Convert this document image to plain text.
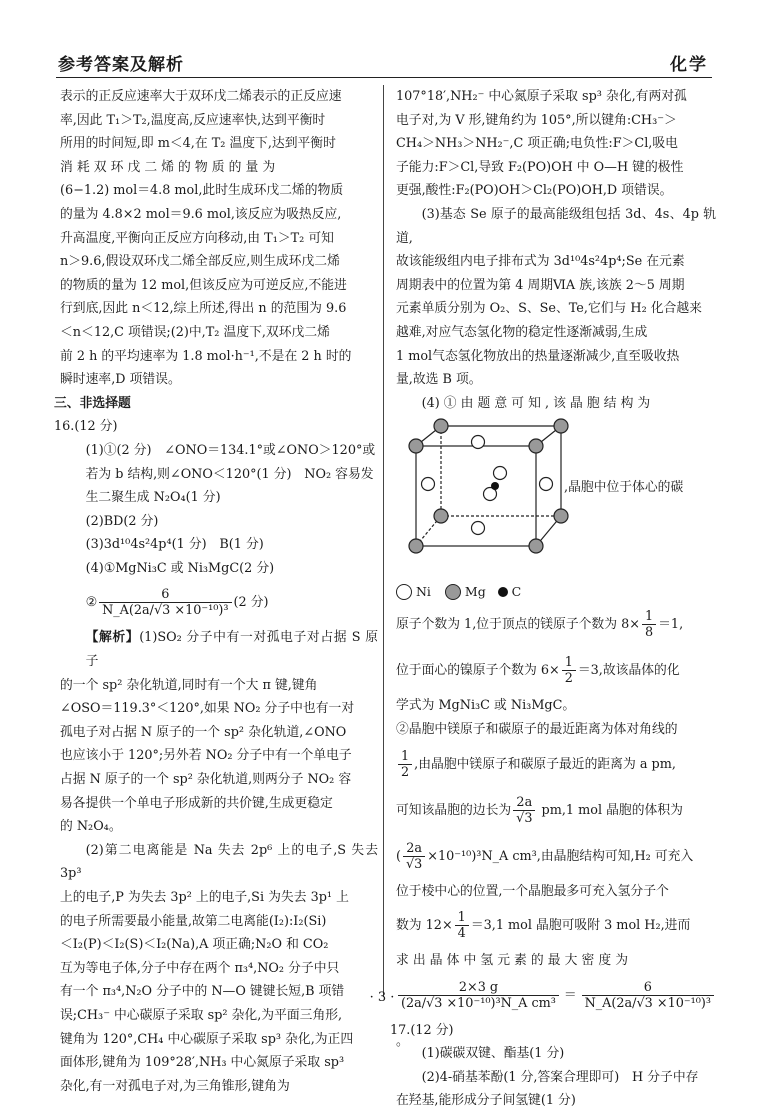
参考答案及解析	化学

表示的正反应速率大于双环戊二烯表示的正反应速

率,因此 T₁＞T₂,温度高,反应速率快,达到平衡时

所用的时间短,即 m＜4,在 T₂ 温度下,达到平衡时

消 耗 双 环 戊 二 烯 的 物 质 的 量 为

(6−1.2) mol＝4.8 mol,此时生成环戊二烯的物质

的量为 4.8×2 mol＝9.6 mol,该反应为吸热反应,

升高温度,平衡向正反应方向移动,由 T₁＞T₂ 可知

n＞9.6,假设双环戊二烯全部反应,则生成环戊二烯

的物质的量为 12 mol,但该反应为可逆反应,不能进

行到底,因此 n＜12,综上所述,得出 n 的范围为 9.6

＜n＜12,C 项错误;(2)中,T₂ 温度下,双环戊二烯

前 2 h 的平均速率为 1.8 mol·h⁻¹,不是在 2 h 时的

瞬时速率,D 项错误。

三、非选择题

16.(12 分)

(1)①(2 分)　∠ONO＝134.1°或∠ONO＞120°或

若为 b 结构,则∠ONO＜120°(1 分)　NO₂ 容易发

生二聚生成 N₂O₄(1 分)

(2)BD(2 分)

(3)3d¹⁰4s²4p⁴(1 分)　B(1 分)

(4)①MgNi₃C 或 Ni₃MgC(2 分)

② $\frac{6}{\text{N\_A(2a/√3 ×10⁻¹⁰)³}} (2$ 分)

【解析】(1)SO₂ 分子中有一对孤电子对占据 S 原子

的一个 sp² 杂化轨道,同时有一个大 π 键,键角

∠OSO＝119.3°＜120°,如果 NO₂ 分子中也有一对

孤电子对占据 N 原子的一个 sp² 杂化轨道,∠ONO

也应该小于 120°;另外若 NO₂ 分子中有一个单电子

占据 N 原子的一个 sp² 杂化轨道,则两分子 NO₂ 容

易各提供一个单电子形成新的共价键,生成更稳定

的 N₂O₄。

(2)第二电离能是 Na 失去 2p⁶ 上的电子,S 失去 3p³

上的电子,P 为失去 3p² 上的电子,Si 为失去 3p¹ 上

的电子所需要最小能量,故第二电离能(I₂):I₂(Si)

＜I₂(P)＜I₂(S)＜I₂(Na),A 项正确;N₂O 和 CO₂

互为等电子体,分子中存在两个 π₃⁴,NO₂ 分子中只

有一个 π₃⁴,N₂O 分子中的 N—O 键键长短,B 项错

误;CH₃⁻ 中心碳原子采取 sp² 杂化,为平面三角形,

键角为 120°,CH₄ 中心碳原子采取 sp³ 杂化,为正四

面体形,键角为 109°28′,NH₃ 中心氮原子采取 sp³

杂化,有一对孤电子对,为三角锥形,键角为

107°18′,NH₂⁻ 中心氮原子采取 sp³ 杂化,有两对孤

电子对,为 V 形,键角约为 105°,所以键角:CH₃⁻＞

CH₄＞NH₃＞NH₂⁻,C 项正确;电负性:F＞Cl,吸电

子能力:F＞Cl,导致 F₂(PO)OH 中 O—H 键的极性

更强,酸性:F₂(PO)OH＞Cl₂(PO)OH,D 项错误。

(3)基态 Se 原子的最高能级组包括 3d、4s、4p 轨道,

故该能级组内电子排布式为 3d¹⁰4s²4p⁴;Se 在元素

周期表中的位置为第 4 周期ⅥA 族,该族 2～5 周期

元素单质分别为 O₂、S、Se、Te,它们与 H₂ 化合越来

越难,对应气态氢化物的稳定性逐渐减弱,生成

1 mol气态氢化物放出的热量逐渐减少,直至吸收热

量,故选 B 项。

(4) ① 由 题 意 可 知 , 该 晶 胞 结 构 为

,晶胞中位于体心的碳
Ni	Mg C
原子个数为 1,位于顶点的镁原子个数为 $8\times \frac{1}{8} =1$,
位于面心的镍原子个数为 $6\times \frac{1}{2} =3$,故该晶体的化

学式为 MgNi₃C 或 Ni₃MgC。

②晶胞中镁原子和碳原子的最近距离为体对角线的

$\frac{1}{2}$ ,由晶胞中镁原子和碳原子最近的距离为 a pm,
可知该晶胞的边长为 $\frac{2a}{√3} pm,1$ mol 晶胞的体积为
( $\frac{2a}{√3}$ ×10⁻¹⁰)³N_A cm³,由晶胞结构可知,H₂ 可充入

位于棱中心的位置,一个晶胞最多可充入氢分子个

数为 $12\times \frac{1}{4} =3,1$ mol 晶胞可吸附 3 mol H₂,进而

求 出 晶 体 中 氢 元 素 的 最 大 密 度 为

$\frac{2\times 3 g}{\text{(2a/√3 ×10⁻¹⁰)³N\_A cm³}} = \frac{6}{\text{N\_A(2a/√3 ×10⁻¹⁰)³}}$
。

17.(12 分)

(1)碳碳双键、酯基(1 分)

(2)4-硝基苯酚(1 分,答案合理即可)　H 分子中存

在羟基,能形成分子间氢键(1 分)

· 3 ·
